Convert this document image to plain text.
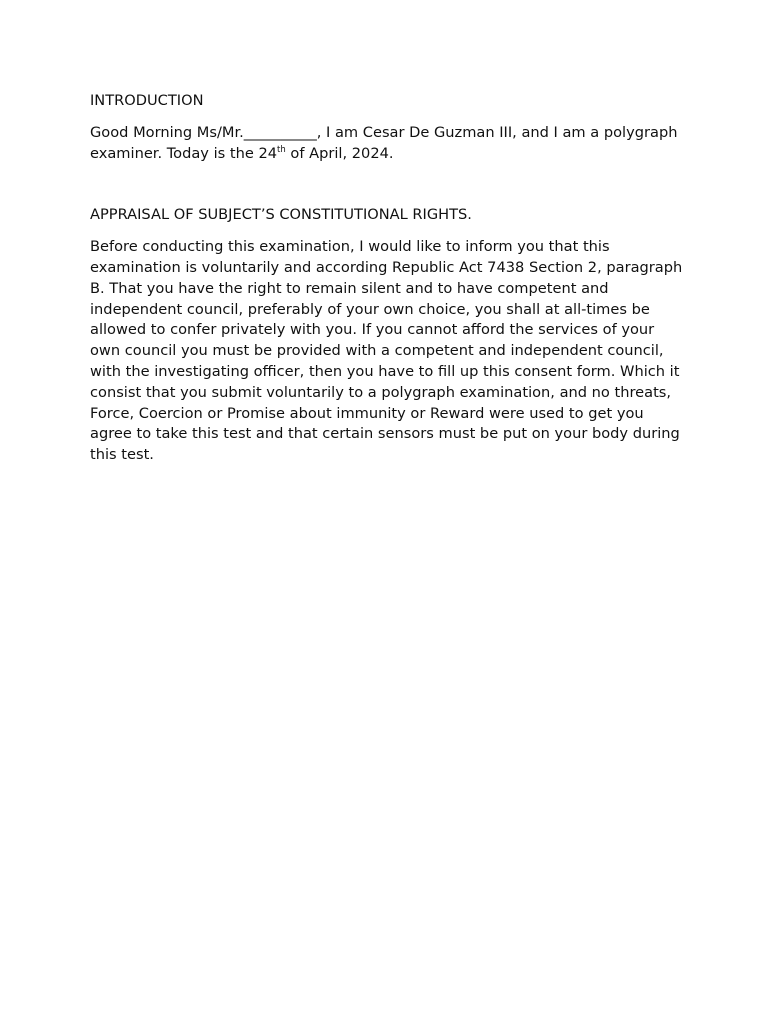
INTRODUCTION

Good Morning Ms/Mr.__________, I am Cesar De Guzman III, and I am a polygraph examiner. Today is the 24th of April, 2024.

APPRAISAL OF SUBJECT’S CONSTITUTIONAL RIGHTS.

Before conducting this examination, I would like to inform you that this examination is voluntarily and according Republic Act 7438 Section 2, paragraph B. That you have the right to remain silent and to have competent and independent council, preferably of your own choice, you shall at all-times be allowed to confer privately with you. If you cannot afford the services of your own council you must be provided with a competent and independent council, with the investigating officer, then you have to fill up this consent form. Which it consist that you submit voluntarily to a polygraph examination, and no threats, Force, Coercion or Promise about immunity or Reward were used to get you agree to take this test and that certain sensors must be put on your body during this test.
